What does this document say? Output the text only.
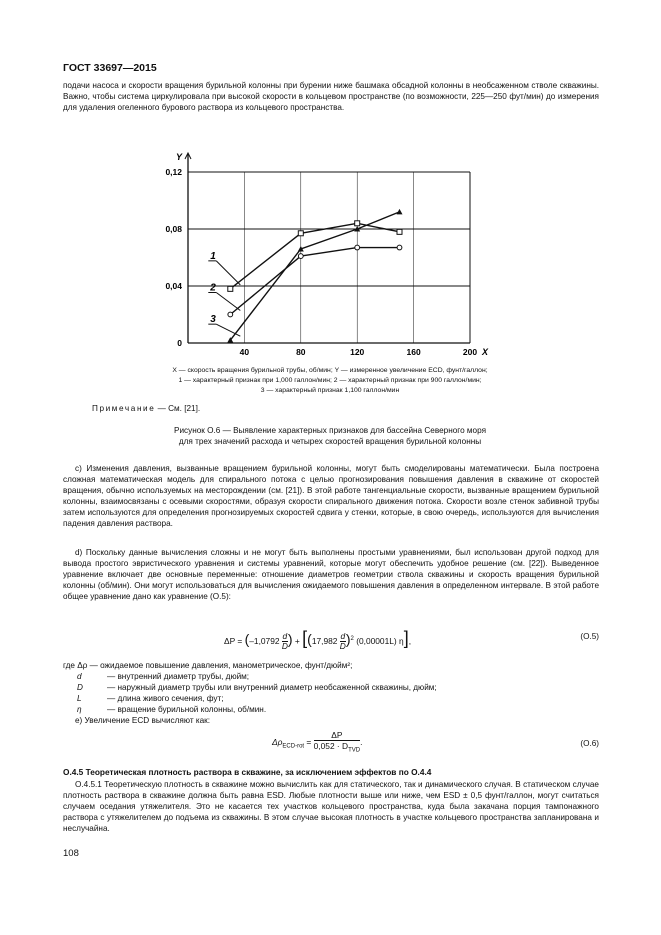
ГОСТ 33697—2015
подачи насоса и скорости вращения бурильной колонны при бурении ниже башмака обсадной колонны в необсаженном стволе скважины. Важно, чтобы система циркулировала при высокой скорости в кольцевом пространстве (по возможности, 225—250 фут/мин) до измерения для удаления огеленного бурового раствора из кольцевого пространства.
1
2
3
0
0,04
0,08
0,12
40	80	120	160	200 X
Y
X — скорость вращения бурильной трубы, об/мин; Y — измеренное увеличение ECD, фунт/галлон;
1 — характерный признак при 1,000 галлон/мин; 2 — характерный признак при 900 галлон/мин;
3 — характерный признак 1,100 галлон/мин
Примечание — См. [21].
Рисунок О.6 — Выявление характерных признаков для бассейна Северного моря
для трех значений расхода и четырех скоростей вращения бурильной колонны
c) Изменения давления, вызванные вращением бурильной колонны, могут быть смоделированы математически. Была построена сложная математическая модель для спирального потока с целью прогнозирования повышения давления в скважине от скоростей вращения, обычно используемых на месторождении (см. [21]). В этой работе тангенциальные скорости, вызванные вращением бурильной колонны, взаимосвязаны с осевыми скоростями, образуя скорости спирального движения потока. Скорости возле стенок забивной трубы затем используются для определения прогнозируемых скоростей сдвига у стенки, которые, в свою очередь, используются для вычисления падения давления раствора.
d) Поскольку данные вычисления сложны и не могут быть выполнены простыми уравнениями, был использован другой подход для вывода простого эвристического уравнения и системы уравнений, которые могут обеспечить удобное решение (см. [22]). Выведенное уравнение включает две основные переменные: отношение диаметров геометрии ствола скважины и скорость вращения бурильной колонны (об/мин). Они могут использоваться для вычисления ожидаемого повышения давления в определенном интервале. В этой работе общее уравнение дано как уравнение (О.5):
$\Delta P = (-1,0792 \frac{d}{D}$ ) + [$(17,982 \frac{d}{D} )^2$ (0,00001L) η],	(О.5)
где Δρ — ожидаемое повышение давления, манометрическое, фунт/дюйм²;
d	— внутренний диаметр трубы, дюйм;
D	— наружный диаметр трубы или внутренний диаметр необсаженной скважины, дюйм;
L	— длина живого сечения, фут;
η	— вращение бурильной колонны, об/мин.
e) Увеличение ECD вычисляют как:
$\Delta\rho_{ECD-rot}$ =
ΔP
$0,052 \cdot D_{TVD}$
.	(О.6)
О.4.5 Теоретическая плотность раствора в скважине, за исключением эффектов по О.4.4
О.4.5.1 Теоретическую плотность в скважине можно вычислить как для статического, так и динамического случая. В статическом случае плотность раствора в скважине должна быть равна ESD. Любые плотности выше или ниже, чем ESD ± 0,5 фунт/галлон, могут считаться случаем оседания утяжелителя. Это не касается тех участков кольцевого пространства, куда была закачана порция тампонажного раствора с утяжелителем до подъема из скважины. В этом случае высокая плотность в участке кольцевого пространства запланирована и неслучайна.
108
